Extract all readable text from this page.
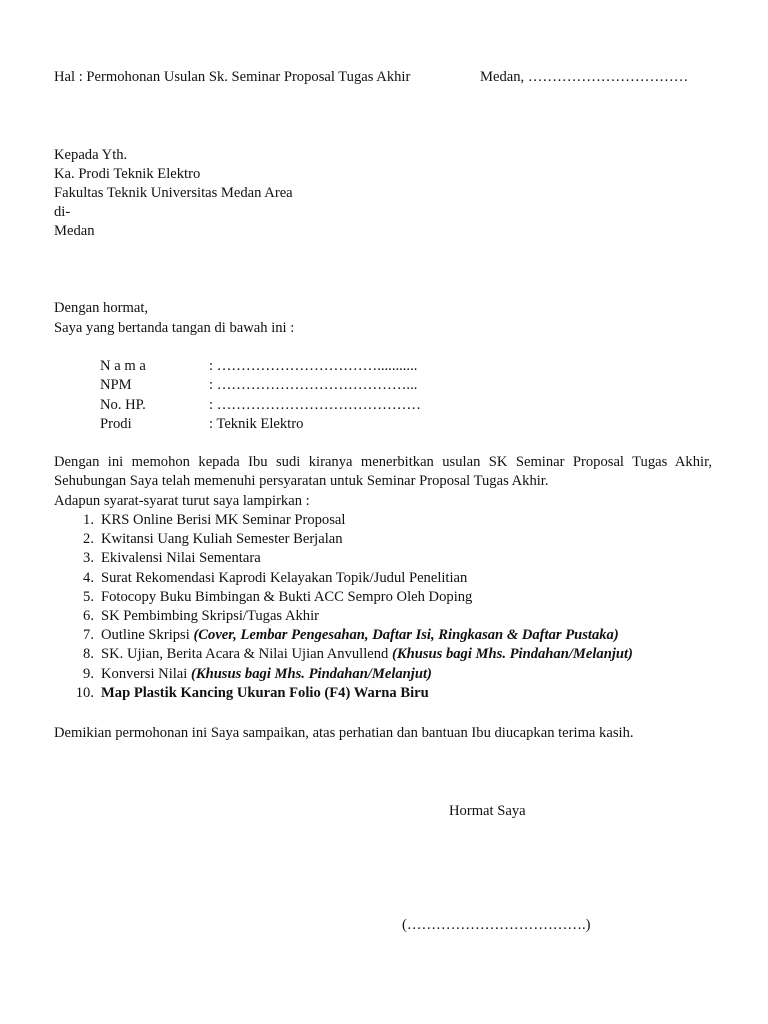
Hal : Permohonan Usulan Sk. Seminar Proposal Tugas Akhir	Medan, ……………………………
Kepada Yth.
Ka. Prodi Teknik Elektro
Fakultas Teknik Universitas Medan Area
di-
Medan
Dengan hormat,
Saya yang bertanda tangan di bawah ini :
N a m a	: ……………………………...........
NPM	: …………………………………...
No. HP.	: ……………………………………
Prodi	: Teknik Elektro
Dengan ini memohon kepada Ibu sudi kiranya menerbitkan usulan SK Seminar Proposal Tugas Akhir, Sehubungan Saya telah memenuhi persyaratan untuk Seminar Proposal Tugas Akhir.
Adapun syarat-syarat turut saya lampirkan :
1. KRS Online Berisi MK Seminar Proposal
2. Kwitansi Uang Kuliah Semester Berjalan
3. Ekivalensi Nilai Sementara
4. Surat Rekomendasi Kaprodi Kelayakan Topik/Judul Penelitian
5. Fotocopy Buku Bimbingan & Bukti ACC Sempro Oleh Doping
6. SK Pembimbing Skripsi/Tugas Akhir
7. Outline Skripsi (Cover, Lembar Pengesahan, Daftar Isi, Ringkasan & Daftar Pustaka)
8. SK. Ujian, Berita Acara & Nilai Ujian Anvullend (Khusus bagi Mhs. Pindahan/Melanjut)
9. Konversi Nilai (Khusus bagi Mhs. Pindahan/Melanjut)
10. Map Plastik Kancing Ukuran Folio (F4) Warna Biru
Demikian permohonan ini Saya sampaikan, atas perhatian dan bantuan Ibu diucapkan terima kasih.
Hormat Saya
(……………………………….)
